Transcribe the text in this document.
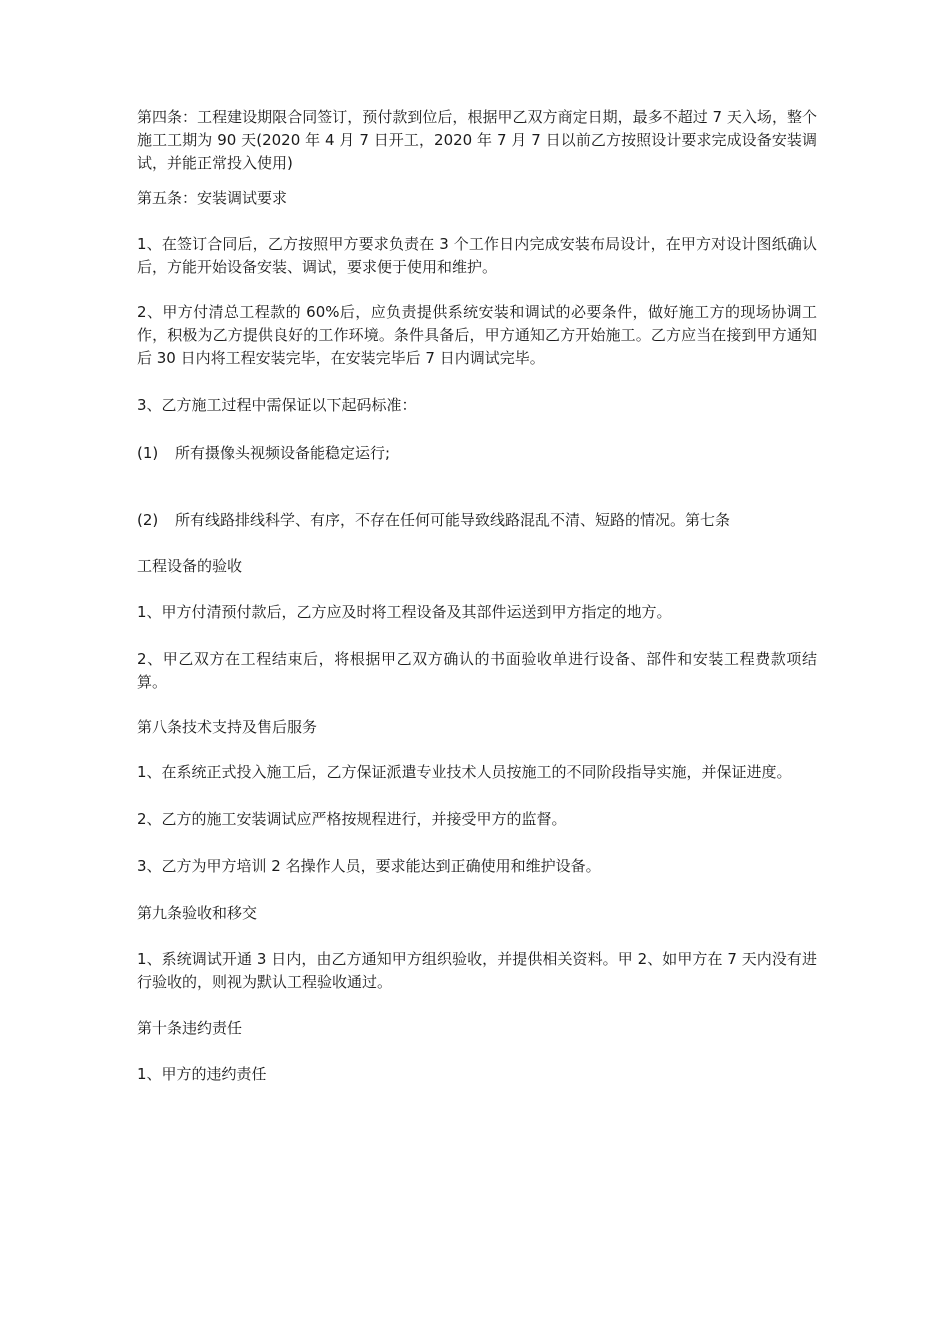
第四条：工程建设期限合同签订，预付款到位后，根据甲乙双方商定日期，最多不超过 7 天入场，整个施工工期为 90 天(2020 年 4 月 7 日开工，2020 年 7 月 7 日以前乙方按照设计要求完成设备安装调试，并能正常投入使用)

第五条：安装调试要求

1、在签订合同后，乙方按照甲方要求负责在 3 个工作日内完成安装布局设计，在甲方对设计图纸确认后，方能开始设备安装、调试，要求便于使用和维护。

2、甲方付清总工程款的 60%后，应负责提供系统安装和调试的必要条件，做好施工方的现场协调工作，积极为乙方提供良好的工作环境。条件具备后，甲方通知乙方开始施工。乙方应当在接到甲方通知后 30 日内将工程安装完毕，在安装完毕后 7 日内调试完毕。

3、乙方施工过程中需保证以下起码标准：

(1)	所有摄像头视频设备能稳定运行;
(2)	所有线路排线科学、有序，不存在任何可能导致线路混乱不清、短路的情况。第七条

工程设备的验收

1、甲方付清预付款后，乙方应及时将工程设备及其部件运送到甲方指定的地方。

2、甲乙双方在工程结束后，将根据甲乙双方确认的书面验收单进行设备、部件和安装工程费款项结算。

第八条技术支持及售后服务

1、在系统正式投入施工后，乙方保证派遣专业技术人员按施工的不同阶段指导实施，并保证进度。

2、乙方的施工安装调试应严格按规程进行，并接受甲方的监督。

3、乙方为甲方培训 2 名操作人员，要求能达到正确使用和维护设备。

第九条验收和移交

1、系统调试开通 3 日内，由乙方通知甲方组织验收，并提供相关资料。甲 2、如甲方在 7 天内没有进行验收的，则视为默认工程验收通过。

第十条违约责任

1、甲方的违约责任
